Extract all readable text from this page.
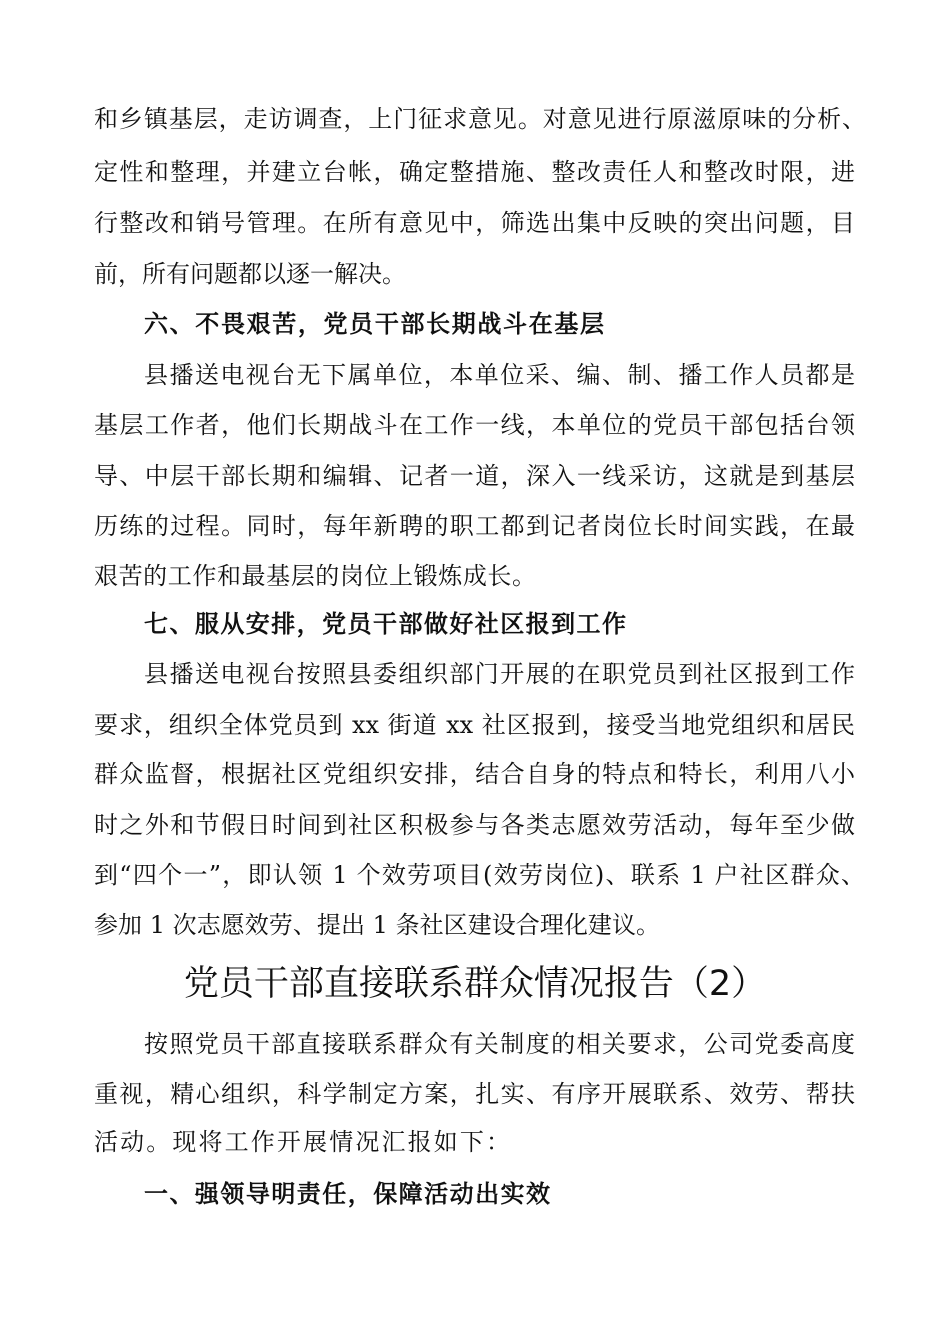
和乡镇基层，走访调查，上门征求意见。对意见进行原滋原味的分析、

定性和整理，并建立台帐，确定整措施、整改责任人和整改时限，进

行整改和销号管理。在所有意见中，筛选出集中反映的突出问题，目

前，所有问题都以逐一解决。

六、不畏艰苦，党员干部长期战斗在基层

县播送电视台无下属单位，本单位采、编、制、播工作人员都是

基层工作者，他们长期战斗在工作一线，本单位的党员干部包括台领

导、中层干部长期和编辑、记者一道，深入一线采访，这就是到基层

历练的过程。同时，每年新聘的职工都到记者岗位长时间实践，在最

艰苦的工作和最基层的岗位上锻炼成长。

七、服从安排，党员干部做好社区报到工作

县播送电视台按照县委组织部门开展的在职党员到社区报到工作

要求，组织全体党员到 xx 街道 xx 社区报到，接受当地党组织和居民

群众监督，根据社区党组织安排，结合自身的特点和特长，利用八小

时之外和节假日时间到社区积极参与各类志愿效劳活动，每年至少做

到“四个一”，即认领 1 个效劳项目(效劳岗位)、联系 1 户社区群众、

参加 1 次志愿效劳、提出 1 条社区建设合理化建议。

党员干部直接联系群众情况报告（2）

按照党员干部直接联系群众有关制度的相关要求，公司党委高度

重视，精心组织，科学制定方案，扎实、有序开展联系、效劳、帮扶

活动。现将工作开展情况汇报如下：

一、强领导明责任，保障活动出实效
